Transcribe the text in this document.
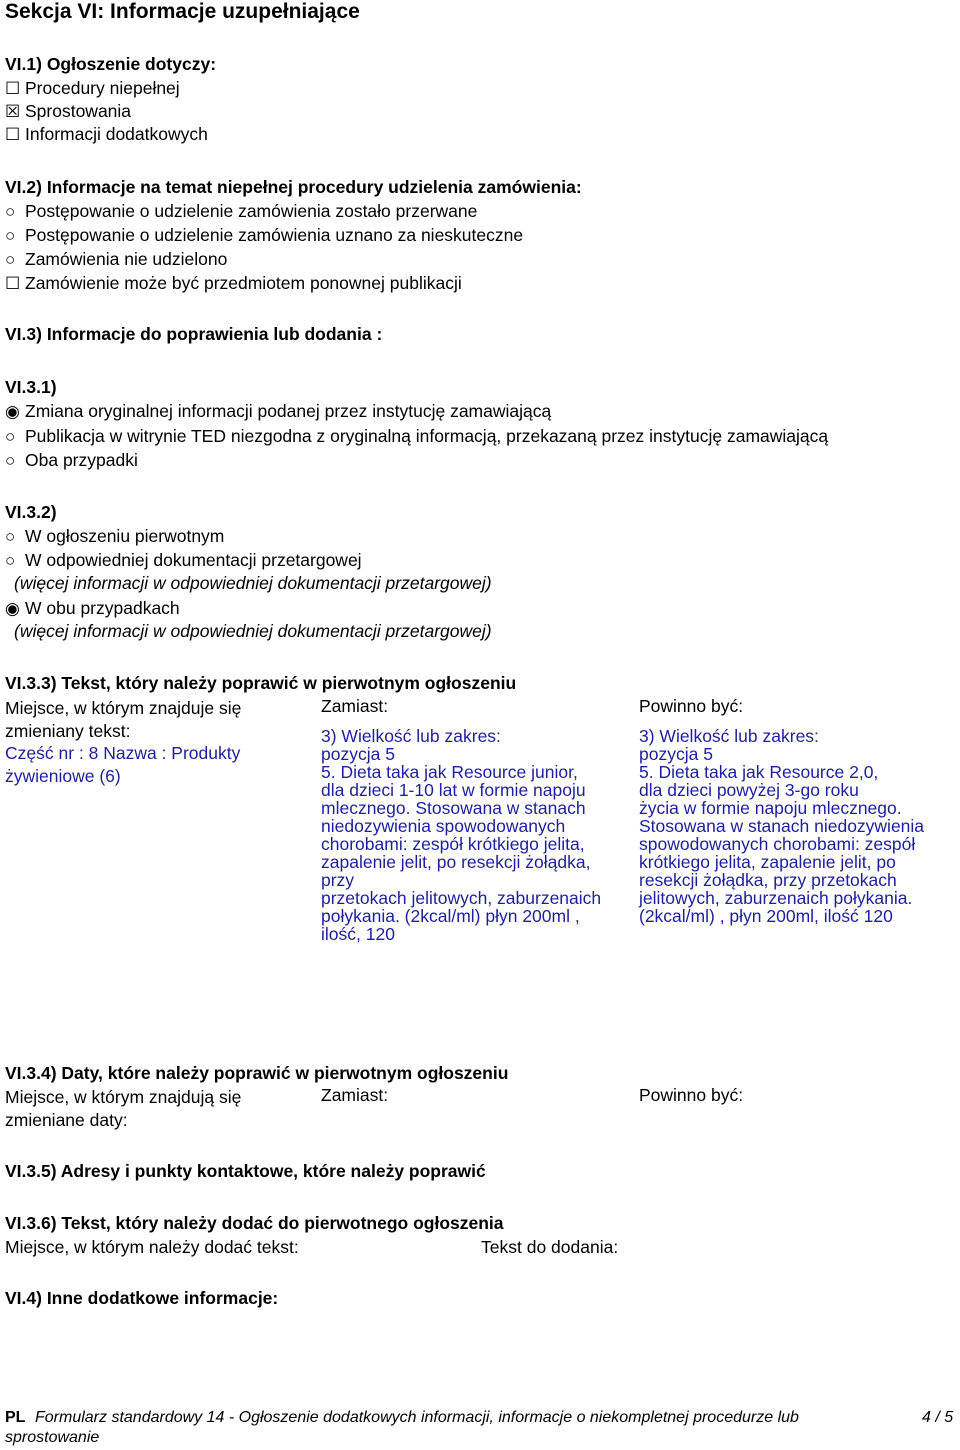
Sekcja VI: Informacje uzupełniające
VI.1) Ogłoszenie dotyczy:
☐ Procedury niepełnej
☒ Sprostowania
☐ Informacji dodatkowych
VI.2) Informacje na temat niepełnej procedury udzielenia zamówienia:
○ Postępowanie o udzielenie zamówienia zostało przerwane
○ Postępowanie o udzielenie zamówienia uznano za nieskuteczne
○ Zamówienia nie udzielono
☐ Zamówienie może być przedmiotem ponownej publikacji
VI.3) Informacje do poprawienia lub dodania :
VI.3.1)
◉ Zmiana oryginalnej informacji podanej przez instytucję zamawiającą
○ Publikacja w witrynie TED niezgodna z oryginalną informacją, przekazaną przez instytucję zamawiającą
○ Oba przypadki
VI.3.2)
○ W ogłoszeniu pierwotnym
○ W odpowiedniej dokumentacji przetargowej
(więcej informacji w odpowiedniej dokumentacji przetargowej)
◉ W obu przypadkach
(więcej informacji w odpowiedniej dokumentacji przetargowej)
VI.3.3) Tekst, który należy poprawić w pierwotnym ogłoszeniu
Miejsce, w którym znajduje się
zmieniany tekst:
Część nr : 8 Nazwa : Produkty
żywieniowe (6)
Zamiast:
3) Wielkość lub zakres:
pozycja 5
5. Dieta taka jak Resource junior,
dla dzieci 1-10 lat w formie napoju
mlecznego. Stosowana w stanach
niedozywienia spowodowanych
chorobami: zespół krótkiego jelita,
zapalenie jelit, po resekcji żołądka,
przy
przetokach jelitowych, zaburzenaich
połykania. (2kcal/ml) płyn 200ml ,
ilość, 120
Powinno być:
3) Wielkość lub zakres:
pozycja 5
5. Dieta taka jak Resource 2,0,
dla dzieci powyżej 3-go roku
życia w formie napoju mlecznego.
Stosowana w stanach niedozywienia
spowodowanych chorobami: zespół
krótkiego jelita, zapalenie jelit, po
resekcji żołądka, przy przetokach
jelitowych, zaburzenaich połykania.
(2kcal/ml) , płyn 200ml, ilość 120
VI.3.4) Daty, które należy poprawić w pierwotnym ogłoszeniu
Miejsce, w którym znajdują się
zmieniane daty:
Zamiast:	Powinno być:
VI.3.5) Adresy i punkty kontaktowe, które należy poprawić
VI.3.6) Tekst, który należy dodać do pierwotnego ogłoszenia
Miejsce, w którym należy dodać tekst:	Tekst do dodania:
VI.4) Inne dodatkowe informacje:
PL Formularz standardowy 14 - Ogłoszenie dodatkowych informacji, informacje o niekompletnej procedurze lub
sprostowanie
4 / 5
